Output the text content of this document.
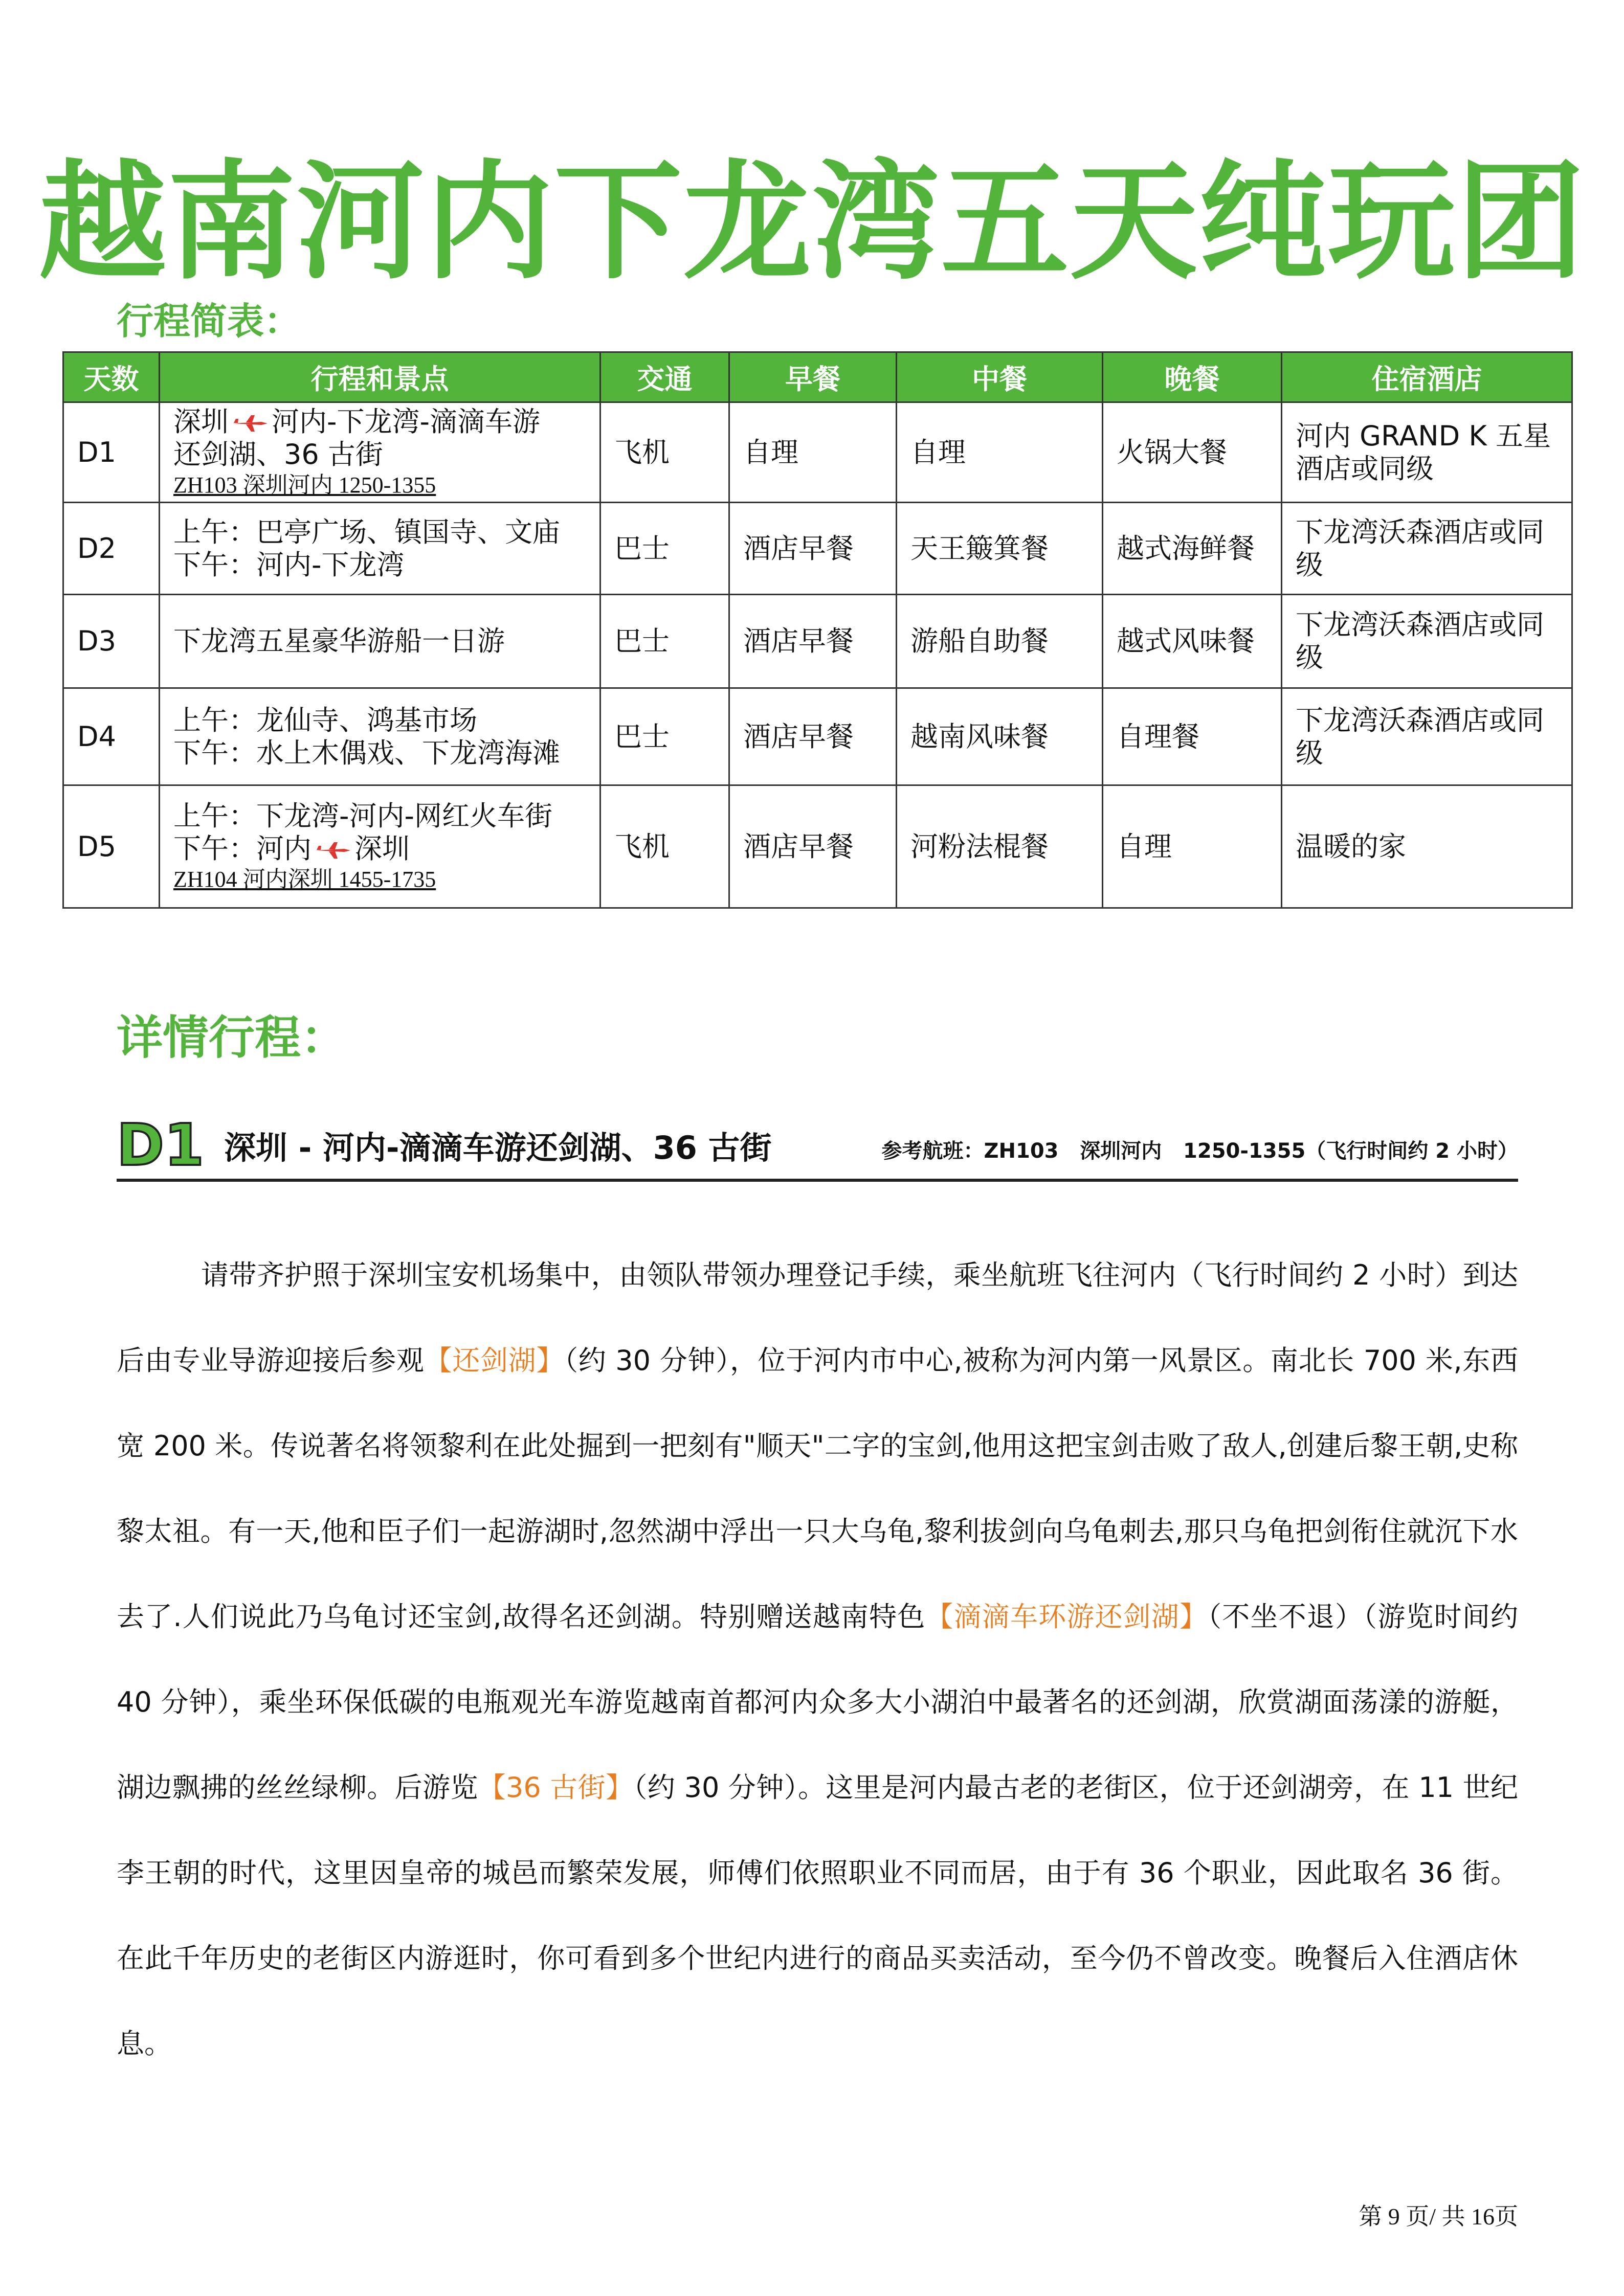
越南河内下龙湾五天纯玩团
行程简表：
天数	行程和景点	交通	早餐	中餐	晚餐	住宿酒店
D1	深圳 河内-下龙湾-滴滴车游
还剑湖、36 古街
ZH103 深圳河内 1250-1355	飞机	自理	自理	火锅大餐	河内 GRAND K 五星酒店或同级
D2	上午：巴亭广场、镇国寺、文庙
下午：河内-下龙湾	巴士	酒店早餐	天王簸箕餐	越式海鲜餐	下龙湾沃森酒店或同级
D3	下龙湾五星豪华游船一日游	巴士	酒店早餐	游船自助餐	越式风味餐	下龙湾沃森酒店或同级
D4	上午：龙仙寺、鸿基市场
下午：水上木偶戏、下龙湾海滩	巴士	酒店早餐	越南风味餐	自理餐	下龙湾沃森酒店或同级
D5	上午：下龙湾-河内-网红火车街
下午：河内 深圳
ZH104 河内深圳 1455-1735	飞机	酒店早餐	河粉法棍餐	自理	温暖的家
详情行程：
D1 深圳 - 河内-滴滴车游还剑湖、36 古街	参考航班：ZH103   深圳河内   1250-1355（飞行时间约 2 小时）
请带齐护照于深圳宝安机场集中，由领队带领办理登记手续，乘坐航班飞往河内（飞行时间约 2 小时）到达后由专业导游迎接后参观【还剑湖】（约 30 分钟），位于河内市中心,被称为河内第一风景区。南北长 700 米,东西宽 200 米。传说著名将领黎利在此处掘到一把刻有"顺天"二字的宝剑,他用这把宝剑击败了敌人,创建后黎王朝,史称黎太祖。有一天,他和臣子们一起游湖时,忽然湖中浮出一只大乌龟,黎利拔剑向乌龟刺去,那只乌龟把剑衔住就沉下水去了.人们说此乃乌龟讨还宝剑,故得名还剑湖。特别赠送越南特色【滴滴车环游还剑湖】（不坐不退）（游览时间约 40 分钟），乘坐环保低碳的电瓶观光车游览越南首都河内众多大小湖泊中最著名的还剑湖，欣赏湖面荡漾的游艇，湖边飘拂的丝丝绿柳。后游览【36 古街】（约 30 分钟）。这里是河内最古老的老街区，位于还剑湖旁，在 11 世纪李王朝的时代，这里因皇帝的城邑而繁荣发展，师傅们依照职业不同而居，由于有 36 个职业，因此取名 36 街。在此千年历史的老街区内游逛时，你可看到多个世纪内进行的商品买卖活动，至今仍不曾改变。晚餐后入住酒店休息。
第 9 页/ 共 16页
